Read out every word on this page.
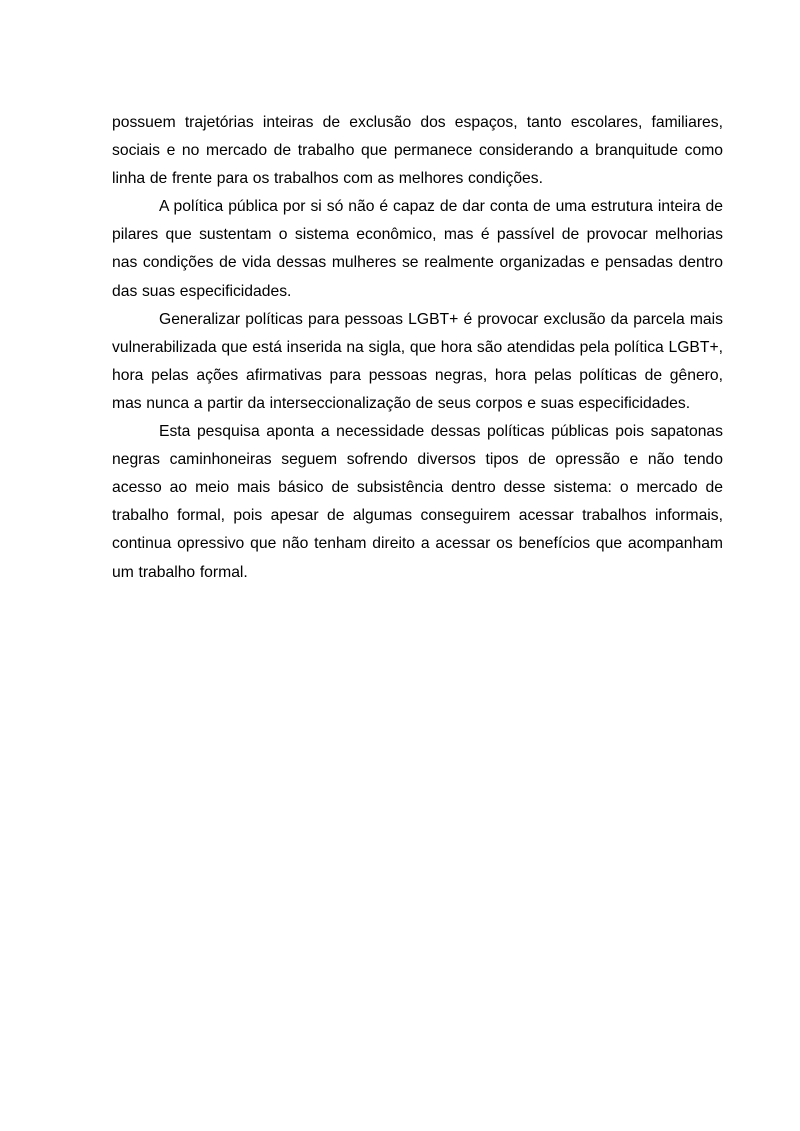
possuem trajetórias inteiras de exclusão dos espaços, tanto escolares, familiares, sociais e no mercado de trabalho que permanece considerando a branquitude como linha de frente para os trabalhos com as melhores condições.

A política pública por si só não é capaz de dar conta de uma estrutura inteira de pilares que sustentam o sistema econômico, mas é passível de provocar melhorias nas condições de vida dessas mulheres se realmente organizadas e pensadas dentro das suas especificidades.

Generalizar políticas para pessoas LGBT+ é provocar exclusão da parcela mais vulnerabilizada que está inserida na sigla, que hora são atendidas pela política LGBT+, hora pelas ações afirmativas para pessoas negras, hora pelas políticas de gênero, mas nunca a partir da interseccionalização de seus corpos e suas especificidades.

Esta pesquisa aponta a necessidade dessas políticas públicas pois sapatonas negras caminhoneiras seguem sofrendo diversos tipos de opressão e não tendo acesso ao meio mais básico de subsistência dentro desse sistema: o mercado de trabalho formal, pois apesar de algumas conseguirem acessar trabalhos informais, continua opressivo que não tenham direito a acessar os benefícios que acompanham um trabalho formal.
